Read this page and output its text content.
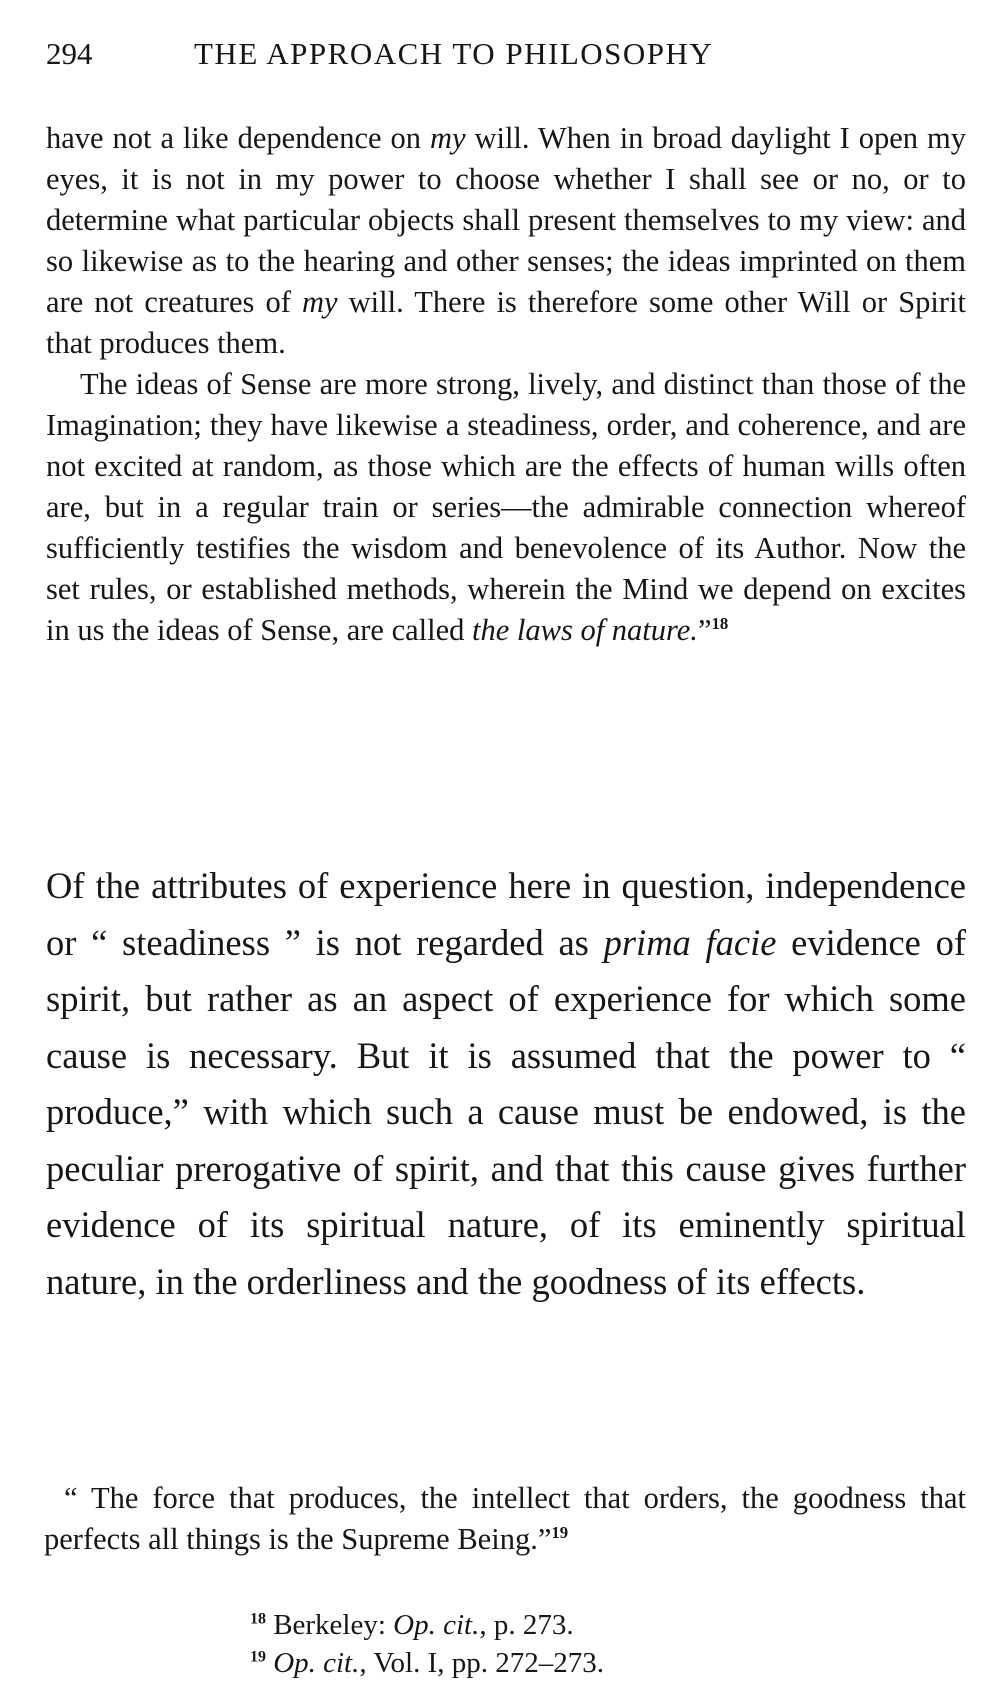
294	THE APPROACH TO PHILOSOPHY

have not a like dependence on my will. When in broad daylight I open my eyes, it is not in my power to choose whether I shall see or no, or to determine what particular objects shall present themselves to my view: and so likewise as to the hearing and other senses; the ideas imprinted on them are not creatures of my will. There is therefore some other Will or Spirit that produces them.

The ideas of Sense are more strong, lively, and distinct than those of the Imagination; they have likewise a steadiness, order, and coherence, and are not excited at random, as those which are the effects of human wills often are, but in a regular train or series—the admirable connection whereof sufficiently testifies the wisdom and benevolence of its Author. Now the set rules, or established methods, wherein the Mind we depend on excites in us the ideas of Sense, are called the laws of nature.”$^{18}$

Of the attributes of experience here in question, independence or “ steadiness ” is not regarded as prima facie evidence of spirit, but rather as an aspect of experience for which some cause is necessary. But it is assumed that the power to “ produce,” with which such a cause must be endowed, is the peculiar prerogative of spirit, and that this cause gives further evidence of its spiritual nature, of its eminently spiritual nature, in the orderliness and the goodness of its effects.

“ The force that produces, the intellect that orders, the goodness that perfects all things is the Supreme Being.”$^{19}$

$^{18}$ Berkeley: Op. cit., p. 273.

$^{19}$ Op. cit., Vol. I, pp. 272–273.
